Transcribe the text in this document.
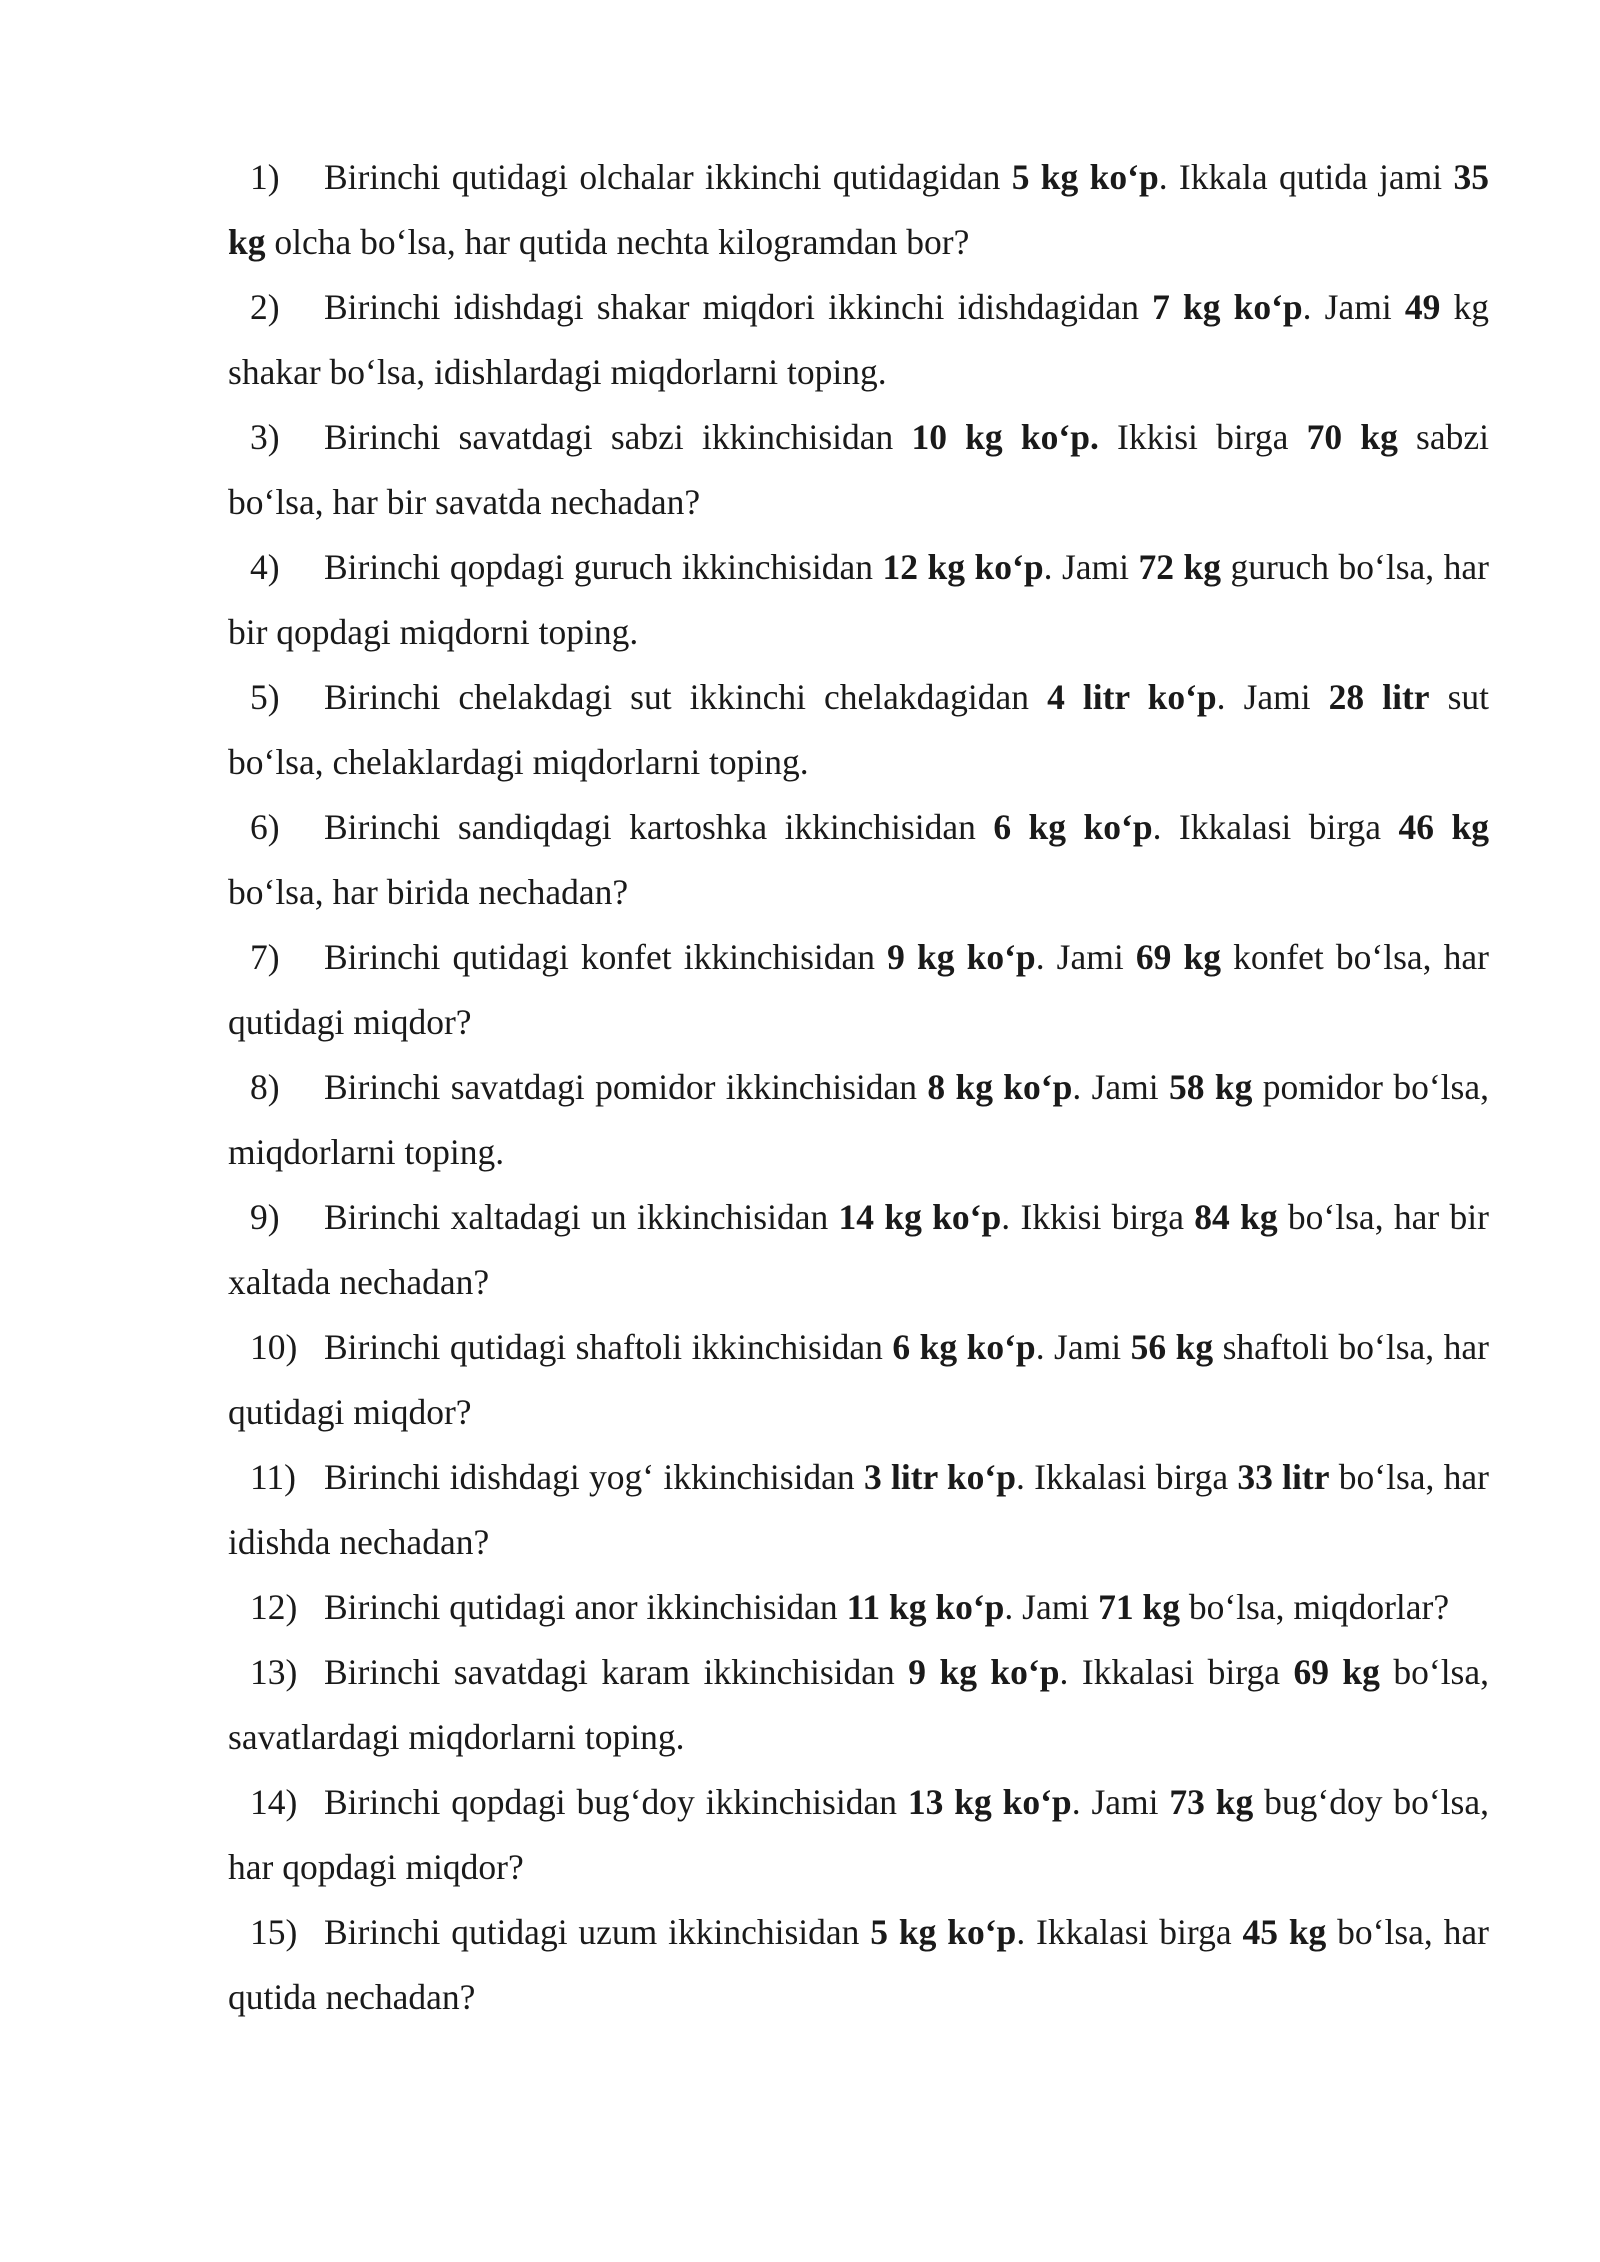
1) Birinchi qutidagi olchalar ikkinchi qutidagidan 5 kg ko‘p. Ikkala qutida jami 35 kg olcha bo‘lsa, har qutida nechta kilogramdan bor?
2) Birinchi idishdagi shakar miqdori ikkinchi idishdagidan 7 kg ko‘p. Jami 49 kg shakar bo‘lsa, idishlardagi miqdorlarni toping.
3) Birinchi savatdagi sabzi ikkinchisidan 10 kg ko‘p. Ikkisi birga 70 kg sabzi bo‘lsa, har bir savatda nechadan?
4) Birinchi qopdagi guruch ikkinchisidan 12 kg ko‘p. Jami 72 kg guruch bo‘lsa, har bir qopdagi miqdorni toping.
5) Birinchi chelakdagi sut ikkinchi chelakdagidan 4 litr ko‘p. Jami 28 litr sut bo‘lsa, chelaklardagi miqdorlarni toping.
6) Birinchi sandiqdagi kartoshka ikkinchisidan 6 kg ko‘p. Ikkalasi birga 46 kg bo‘lsa, har birida nechadan?
7) Birinchi qutidagi konfet ikkinchisidan 9 kg ko‘p. Jami 69 kg konfet bo‘lsa, har qutidagi miqdor?
8) Birinchi savatdagi pomidor ikkinchisidan 8 kg ko‘p. Jami 58 kg pomidor bo‘lsa, miqdorlarni toping.
9) Birinchi xaltadagi un ikkinchisidan 14 kg ko‘p. Ikkisi birga 84 kg bo‘lsa, har bir xaltada nechadan?
10) Birinchi qutidagi shaftoli ikkinchisidan 6 kg ko‘p. Jami 56 kg shaftoli bo‘lsa, har qutidagi miqdor?
11) Birinchi idishdagi yog‘ ikkinchisidan 3 litr ko‘p. Ikkalasi birga 33 litr bo‘lsa, har idishda nechadan?
12) Birinchi qutidagi anor ikkinchisidan 11 kg ko‘p. Jami 71 kg bo‘lsa, miqdorlar?
13) Birinchi savatdagi karam ikkinchisidan 9 kg ko‘p. Ikkalasi birga 69 kg bo‘lsa, savatlardagi miqdorlarni toping.
14) Birinchi qopdagi bug‘doy ikkinchisidan 13 kg ko‘p. Jami 73 kg bug‘doy bo‘lsa, har qopdagi miqdor?
15) Birinchi qutidagi uzum ikkinchisidan 5 kg ko‘p. Ikkalasi birga 45 kg bo‘lsa, har qutida nechadan?
